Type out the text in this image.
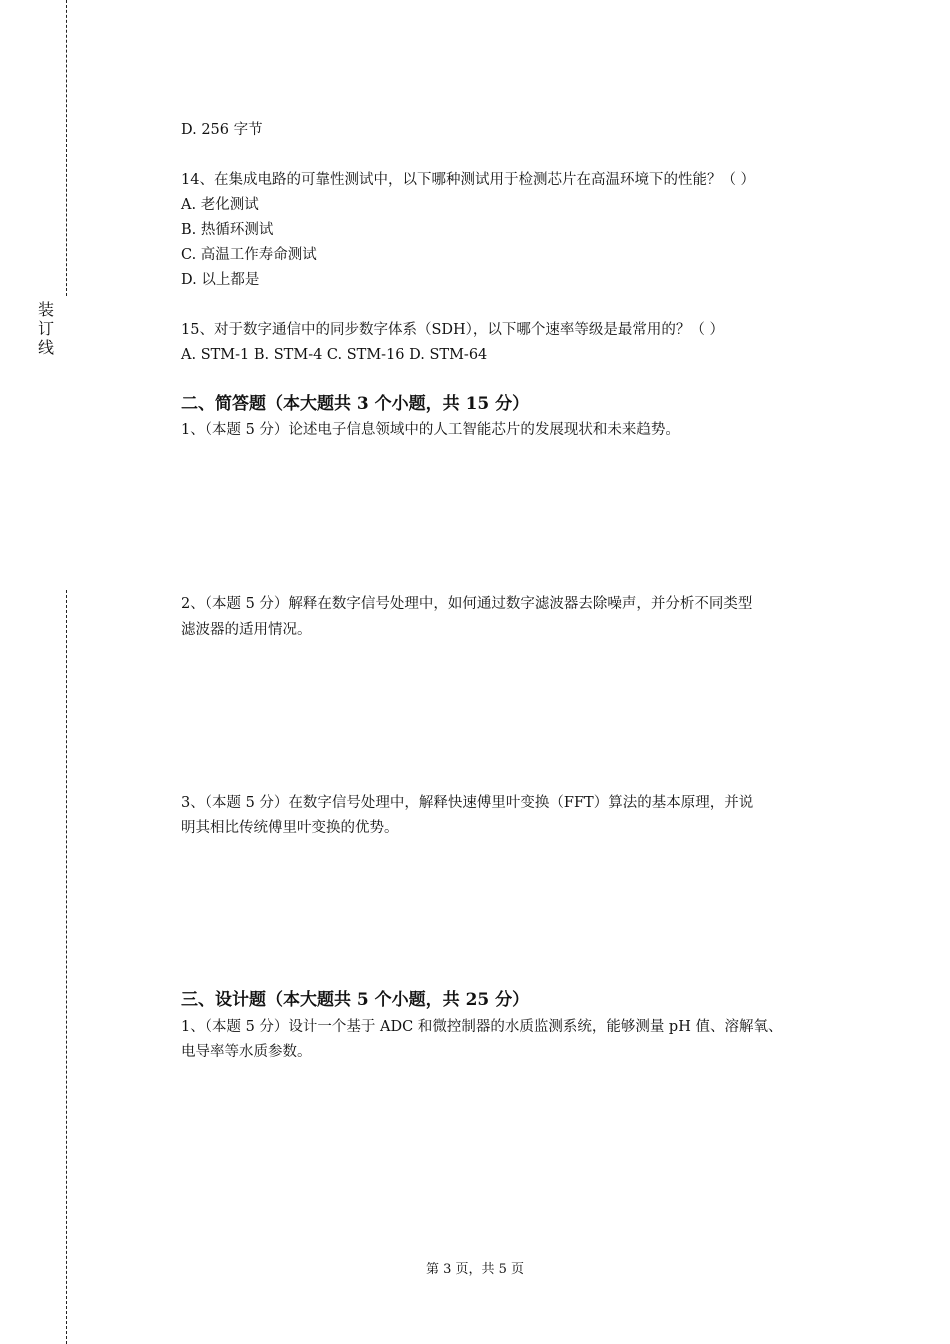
装
订
线
D. 256 字节
14、在集成电路的可靠性测试中，以下哪种测试用于检测芯片在高温环境下的性能？（ ）
A. 老化测试
B. 热循环测试
C. 高温工作寿命测试
D. 以上都是
15、对于数字通信中的同步数字体系（SDH），以下哪个速率等级是最常用的？（ ）
A. STM-1 B. STM-4 C. STM-16 D. STM-64
二、简答题（本大题共 3 个小题，共 15 分）
1、（本题 5 分）论述电子信息领域中的人工智能芯片的发展现状和未来趋势。
2、（本题 5 分）解释在数字信号处理中，如何通过数字滤波器去除噪声，并分析不同类型
滤波器的适用情况。
3、（本题 5 分）在数字信号处理中，解释快速傅里叶变换（FFT）算法的基本原理，并说
明其相比传统傅里叶变换的优势。
三、设计题（本大题共 5 个小题，共 25 分）
1、（本题 5 分）设计一个基于 ADC 和微控制器的水质监测系统，能够测量 pH 值、溶解氧、
电导率等水质参数。
第 3 页，共 5 页
